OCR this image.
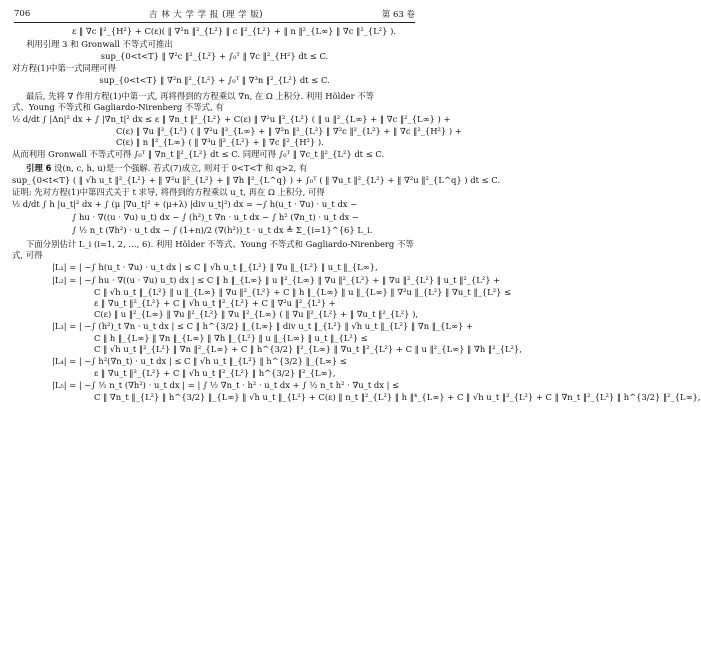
706	吉 林 大 学 学 报 (理 学 版)	第 63 卷
ε ‖ ∇c ‖²_{H²} + C(ε)( ‖ ∇²n ‖²_{L²} ‖ c ‖²_{L²} + ‖ n ‖²_{L∞} ‖ ∇c ‖²_{L²} ).
利用引理 3 和 Gronwall 不等式可推出
sup_{0<t<T} ‖ ∇²c ‖²_{L²} + ∫₀ᵀ ‖ ∇c ‖²_{H²} dt ≤ C.
对方程(1)中第一式同理可得
sup_{0<t<T} ‖ ∇²n ‖²_{L²} + ∫₀ᵀ ‖ ∇³n ‖²_{L²} dt ≤ C.
最后, 先将 ∇ 作用方程(1)中第一式, 再将得到的方程乘以 ∇n, 在 Ω 上积分. 利用 Hölder 不等
式、Young 不等式和 Gagliardo-Nirenberg 不等式, 有
½ d/dt ∫ |Δn|² dx + ∫ |∇n_t|² dx ≤ ε ‖ ∇n_t ‖²_{L²} + C(ε) ‖ ∇²u ‖²_{L²} ( ‖ u ‖²_{L∞} + ‖ ∇c ‖²_{L∞} ) +
C(ε) ‖ ∇u ‖²_{L²} ( ‖ ∇²u ‖²_{L∞} + ‖ ∇²n ‖²_{L²} ‖ ∇²c ‖²_{L²} + ‖ ∇c ‖²_{H²} ) +
C(ε) ‖ n ‖²_{L∞} ( ‖ ∇³u ‖²_{L²} + ‖ ∇c ‖²_{H²} ).
从而利用 Gronwall 不等式可得 ∫₀ᵀ ‖ ∇n_t ‖²_{L²} dt ≤ C. 同理可得 ∫₀ᵀ ‖ ∇c_t ‖²_{L²} dt ≤ C.
引理 6 设(n, c, h, u)是一个强解. 若式(7)成立, 则对于 0<T<T̂ 和 q>2, 有
sup_{0<t<T} ( ‖ √h u_t ‖²_{L²} + ‖ ∇²u ‖²_{L²} + ‖ ∇h ‖²_{L^q} ) + ∫₀ᵀ ( ‖ ∇u_t ‖²_{L²} + ‖ ∇²u ‖²_{L^q} ) dt ≤ C.
证明: 先对方程(1)中第四式关于 t 求导, 将得到的方程乘以 u_t, 再在 Ω 上积分, 可得
½ d/dt ∫ h |u_t|² dx + ∫ (μ |∇u_t|² + (μ+λ) |div u_t|²) dx = −∫ h(u_t · ∇u) · u_t dx −
∫ hu · ∇((u · ∇u) u_t) dx − ∫ (h²)_t ∇n · u_t dx − ∫ h² (∇n_t) · u_t dx −
∫ ½ n_t (∇h²) · u_t dx − ∫ (1+n)/2 (∇(h²))_t · u_t dx ≜ Σ_{i=1}^{6} L_i.
下面分别估计 L_i (i=1, 2, …, 6). 利用 Hölder 不等式、Young 不等式和 Gagliardo-Nirenberg 不等
式, 可得
|L₁| = | −∫ h(u_t · ∇u) · u_t dx | ≤ C ‖ √h u_t ‖_{L²} ‖ ∇u ‖_{L²} ‖ u_t ‖_{L∞},
|L₂| = | −∫ hu · ∇((u · ∇u) u_t) dx | ≤ C ‖ h ‖_{L∞} ‖ u ‖²_{L∞} ‖ ∇u ‖²_{L²} + ‖ ∇u ‖²_{L²} ‖ u_t ‖²_{L²} +
C ‖ √h u_t ‖_{L²} ‖ u ‖_{L∞} ‖ ∇u ‖²_{L²} + C ‖ h ‖_{L∞} ‖ u ‖_{L∞} ‖ ∇²u ‖_{L²} ‖ ∇u_t ‖_{L²} ≤
ε ‖ ∇u_t ‖²_{L²} + C ‖ √h u_t ‖²_{L²} + C ‖ ∇²u ‖²_{L²} +
C(ε) ‖ u ‖²_{L∞} ‖ ∇u ‖²_{L²} ‖ ∇u ‖²_{L∞} ( ‖ ∇u ‖²_{L²} + ‖ ∇u_t ‖²_{L²} ),
|L₃| = | −∫ (h²)_t ∇n · u_t dx | ≤ C ‖ h^{3/2} ‖_{L∞} ‖ div u_t ‖_{L²} ‖ √h u_t ‖_{L²} ‖ ∇n ‖_{L∞} +
C ‖ h ‖_{L∞} ‖ ∇n ‖_{L∞} ‖ ∇h ‖_{L²} ‖ u ‖_{L∞} ‖ u_t ‖_{L²} ≤
C ‖ √h u_t ‖²_{L²} ‖ ∇n ‖²_{L∞} + C ‖ h^{3/2} ‖²_{L∞} ‖ ∇u_t ‖²_{L²} + C ‖ u ‖²_{L∞} ‖ ∇h ‖²_{L²},
|L₄| = | −∫ h²(∇n_t) · u_t dx | ≤ C ‖ √h u_t ‖_{L²} ‖ h^{3/2} ‖_{L∞} ≤
ε ‖ ∇u_t ‖²_{L²} + C ‖ √h u_t ‖²_{L²} ‖ h^{3/2} ‖²_{L∞},
|L₅| = | −∫ ½ n_t (∇h²) · u_t dx | = | ∫ ½ ∇n_t · h² · u_t dx + ∫ ½ n_t h² · ∇u_t dx | ≤
C ‖ ∇n_t ‖_{L²} ‖ h^{3/2} ‖_{L∞} ‖ √h u_t ‖_{L²} + C(ε) ‖ n_t ‖²_{L²} ‖ h ‖⁴_{L∞} + C ‖ √h u_t ‖²_{L²} + C ‖ ∇n_t ‖²_{L²} ‖ h^{3/2} ‖²_{L∞},
